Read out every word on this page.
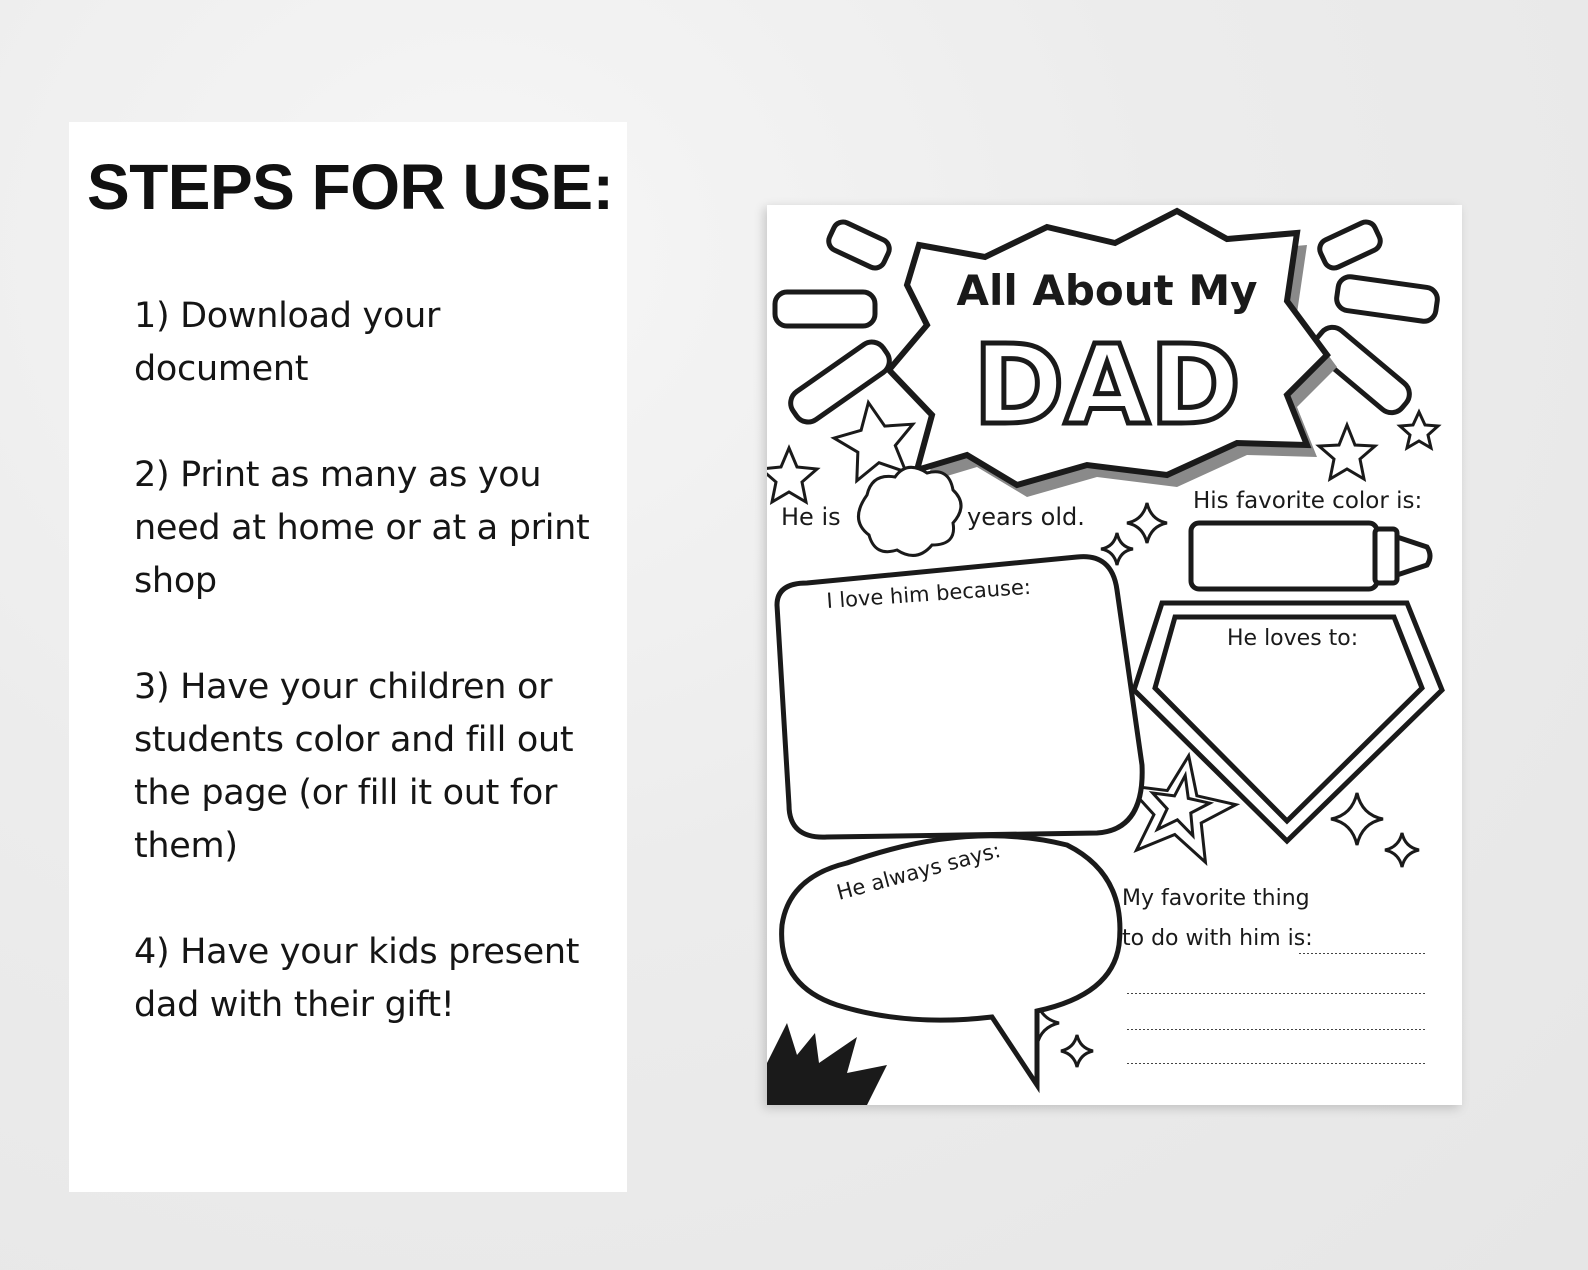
STEPS FOR USE:
1) Download your document
2) Print as many as you need at home or at a print shop
3) Have your children or students color and fill out the page (or fill it out for them)
4) Have your kids present dad with their gift!
All About My
DAD
He is	years old.
His favorite color is:
I love him because:
He loves to:
He always says:	My favorite thing
to do with him is:
